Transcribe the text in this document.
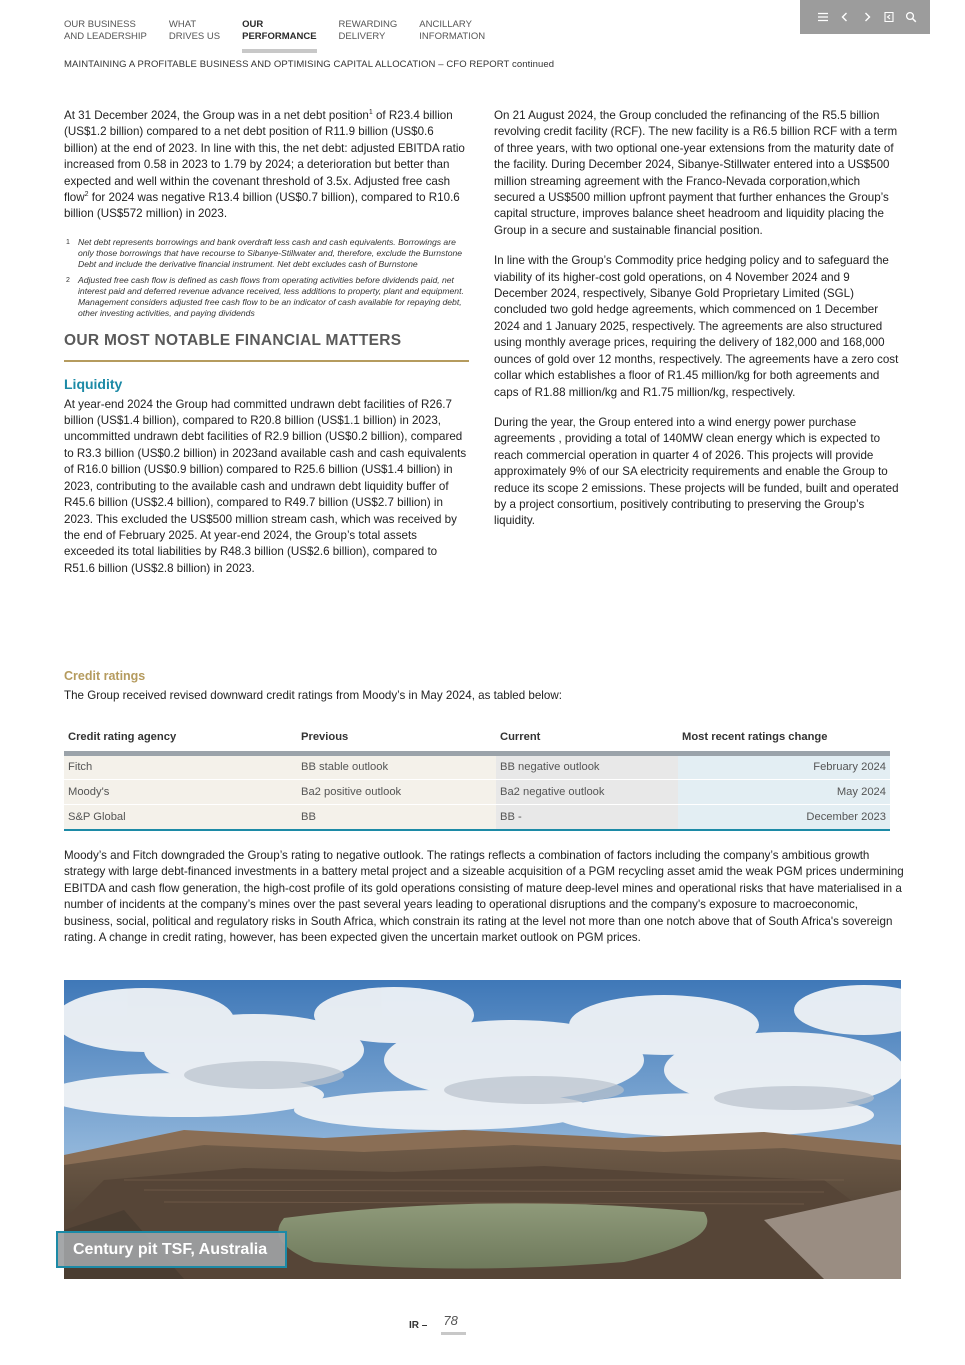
OUR BUSINESS
AND LEADERSHIP
WHAT
DRIVES US
OUR
PERFORMANCE
REWARDING
DELIVERY
ANCILLARY
INFORMATION
MAINTAINING A PROFITABLE BUSINESS AND OPTIMISING CAPITAL ALLOCATION – CFO REPORT continued

At 31 December 2024, the Group was in a net debt position$^1$ of R23.4 billion (US$1.2 billion) compared to a net debt position of R11.9 billion (US$0.6 billion) at the end of 2023. In line with this, the net debt: adjusted EBITDA ratio increased from 0.58 in 2023 to 1.79 by 2024; a deterioration but better than expected and well within the covenant threshold of 3.5x. Adjusted free cash flow$^2$ for 2024 was negative R13.4 billion (US$0.7 billion), compared to R10.6 billion (US$572 million) in 2023.

1 Net debt represents borrowings and bank overdraft less cash and cash equivalents. Borrowings are only those borrowings that have recourse to Sibanye-Stillwater and, therefore, exclude the Burnstone Debt and include the derivative financial instrument. Net debt excludes cash of Burnstone
2 Adjusted free cash flow is defined as cash flows from operating activities before dividends paid, net interest paid and deferred revenue advance received, less additions to property, plant and equipment. Management considers adjusted free cash flow to be an indicator of cash available for repaying debt, other investing activities, and paying dividends
OUR MOST NOTABLE FINANCIAL MATTERS
Liquidity

At year-end 2024 the Group had committed undrawn debt facilities of R26.7 billion (US$1.4 billion), compared to R20.8 billion (US$1.1 billion) in 2023, uncommitted undrawn debt facilities of R2.9 billion (US$0.2 billion), compared to R3.3 billion (US$0.2 billion) in 2023and available cash and cash equivalents of R16.0 billion (US$0.9 billion) compared to R25.6 billion (US$1.4 billion) in 2023, contributing to the available cash and undrawn debt liquidity buffer of R45.6 billion (US$2.4 billion), compared to R49.7 billion (US$2.7 billion) in 2023. This excluded the US$500 million stream cash, which was received by the end of February 2025. At year-end 2024, the Group’s total assets exceeded its total liabilities by R48.3 billion (US$2.6 billion), compared to R51.6 billion (US$2.8 billion) in 2023.

On 21 August 2024, the Group concluded the refinancing of the R5.5 billion revolving credit facility (RCF). The new facility is a R6.5 billion RCF with a term of three years, with two optional one-year extensions from the maturity date of the facility. During December 2024, Sibanye-Stillwater entered into a US$500 million streaming agreement with the Franco-Nevada corporation,which secured a US$500 million upfront payment that further enhances the Group’s capital structure, improves balance sheet headroom and liquidity placing the Group in a secure and sustainable financial position.

In line with the Group’s Commodity price hedging policy and to safeguard the viability of its higher-cost gold operations, on 4 November 2024 and 9 December 2024, respectively, Sibanye Gold Proprietary Limited (SGL) concluded two gold hedge agreements, which commenced on 1 December 2024 and 1 January 2025, respectively. The agreements are also structured using monthly average prices, requiring the delivery of 182,000 and 168,000 ounces of gold over 12 months, respectively. The agreements have a zero cost collar which establishes a floor of R1.45 million/kg for both agreements and caps of R1.88 million/kg and R1.75 million/kg, respectively.

During the year, the Group entered into a wind energy power purchase agreements , providing a total of 140MW clean energy which is expected to reach commercial operation in quarter 4 of 2026. This projects will provide approximately 9% of our SA electricity requirements and enable the Group to reduce its scope 2 emissions. These projects will be funded, built and operated by a project consortium, positively contributing to preserving the Group’s liquidity.

Credit ratings
The Group received revised downward credit ratings from Moody’s in May 2024, as tabled below:
Credit rating agency	Previous	Current	Most recent ratings change
Fitch	BB stable outlook	BB negative outlook	February 2024
Moody's	Ba2 positive outlook	Ba2 negative outlook	May 2024
S&P Global	BB	BB -	December 2023

Moody’s and Fitch downgraded the Group’s rating to negative outlook. The ratings reflects a combination of factors including the company’s ambitious growth strategy with large debt-financed investments in a battery metal project and a sizeable acquisition of a PGM recycling asset amid the weak PGM prices undermining EBITDA and cash flow generation, the high-cost profile of its gold operations consisting of mature deep-level mines and operational risks that have materialised in a number of incidents at the company’s mines over the past several years leading to operational disruptions and the company's exposure to macroeconomic, business, social, political and regulatory risks in South Africa, which constrain its rating at the level not more than one notch above that of South Africa's sovereign rating. A change in credit rating, however, has been expected given the uncertain market outlook on PGM prices.

Century pit TSF, Australia
IR – 78
